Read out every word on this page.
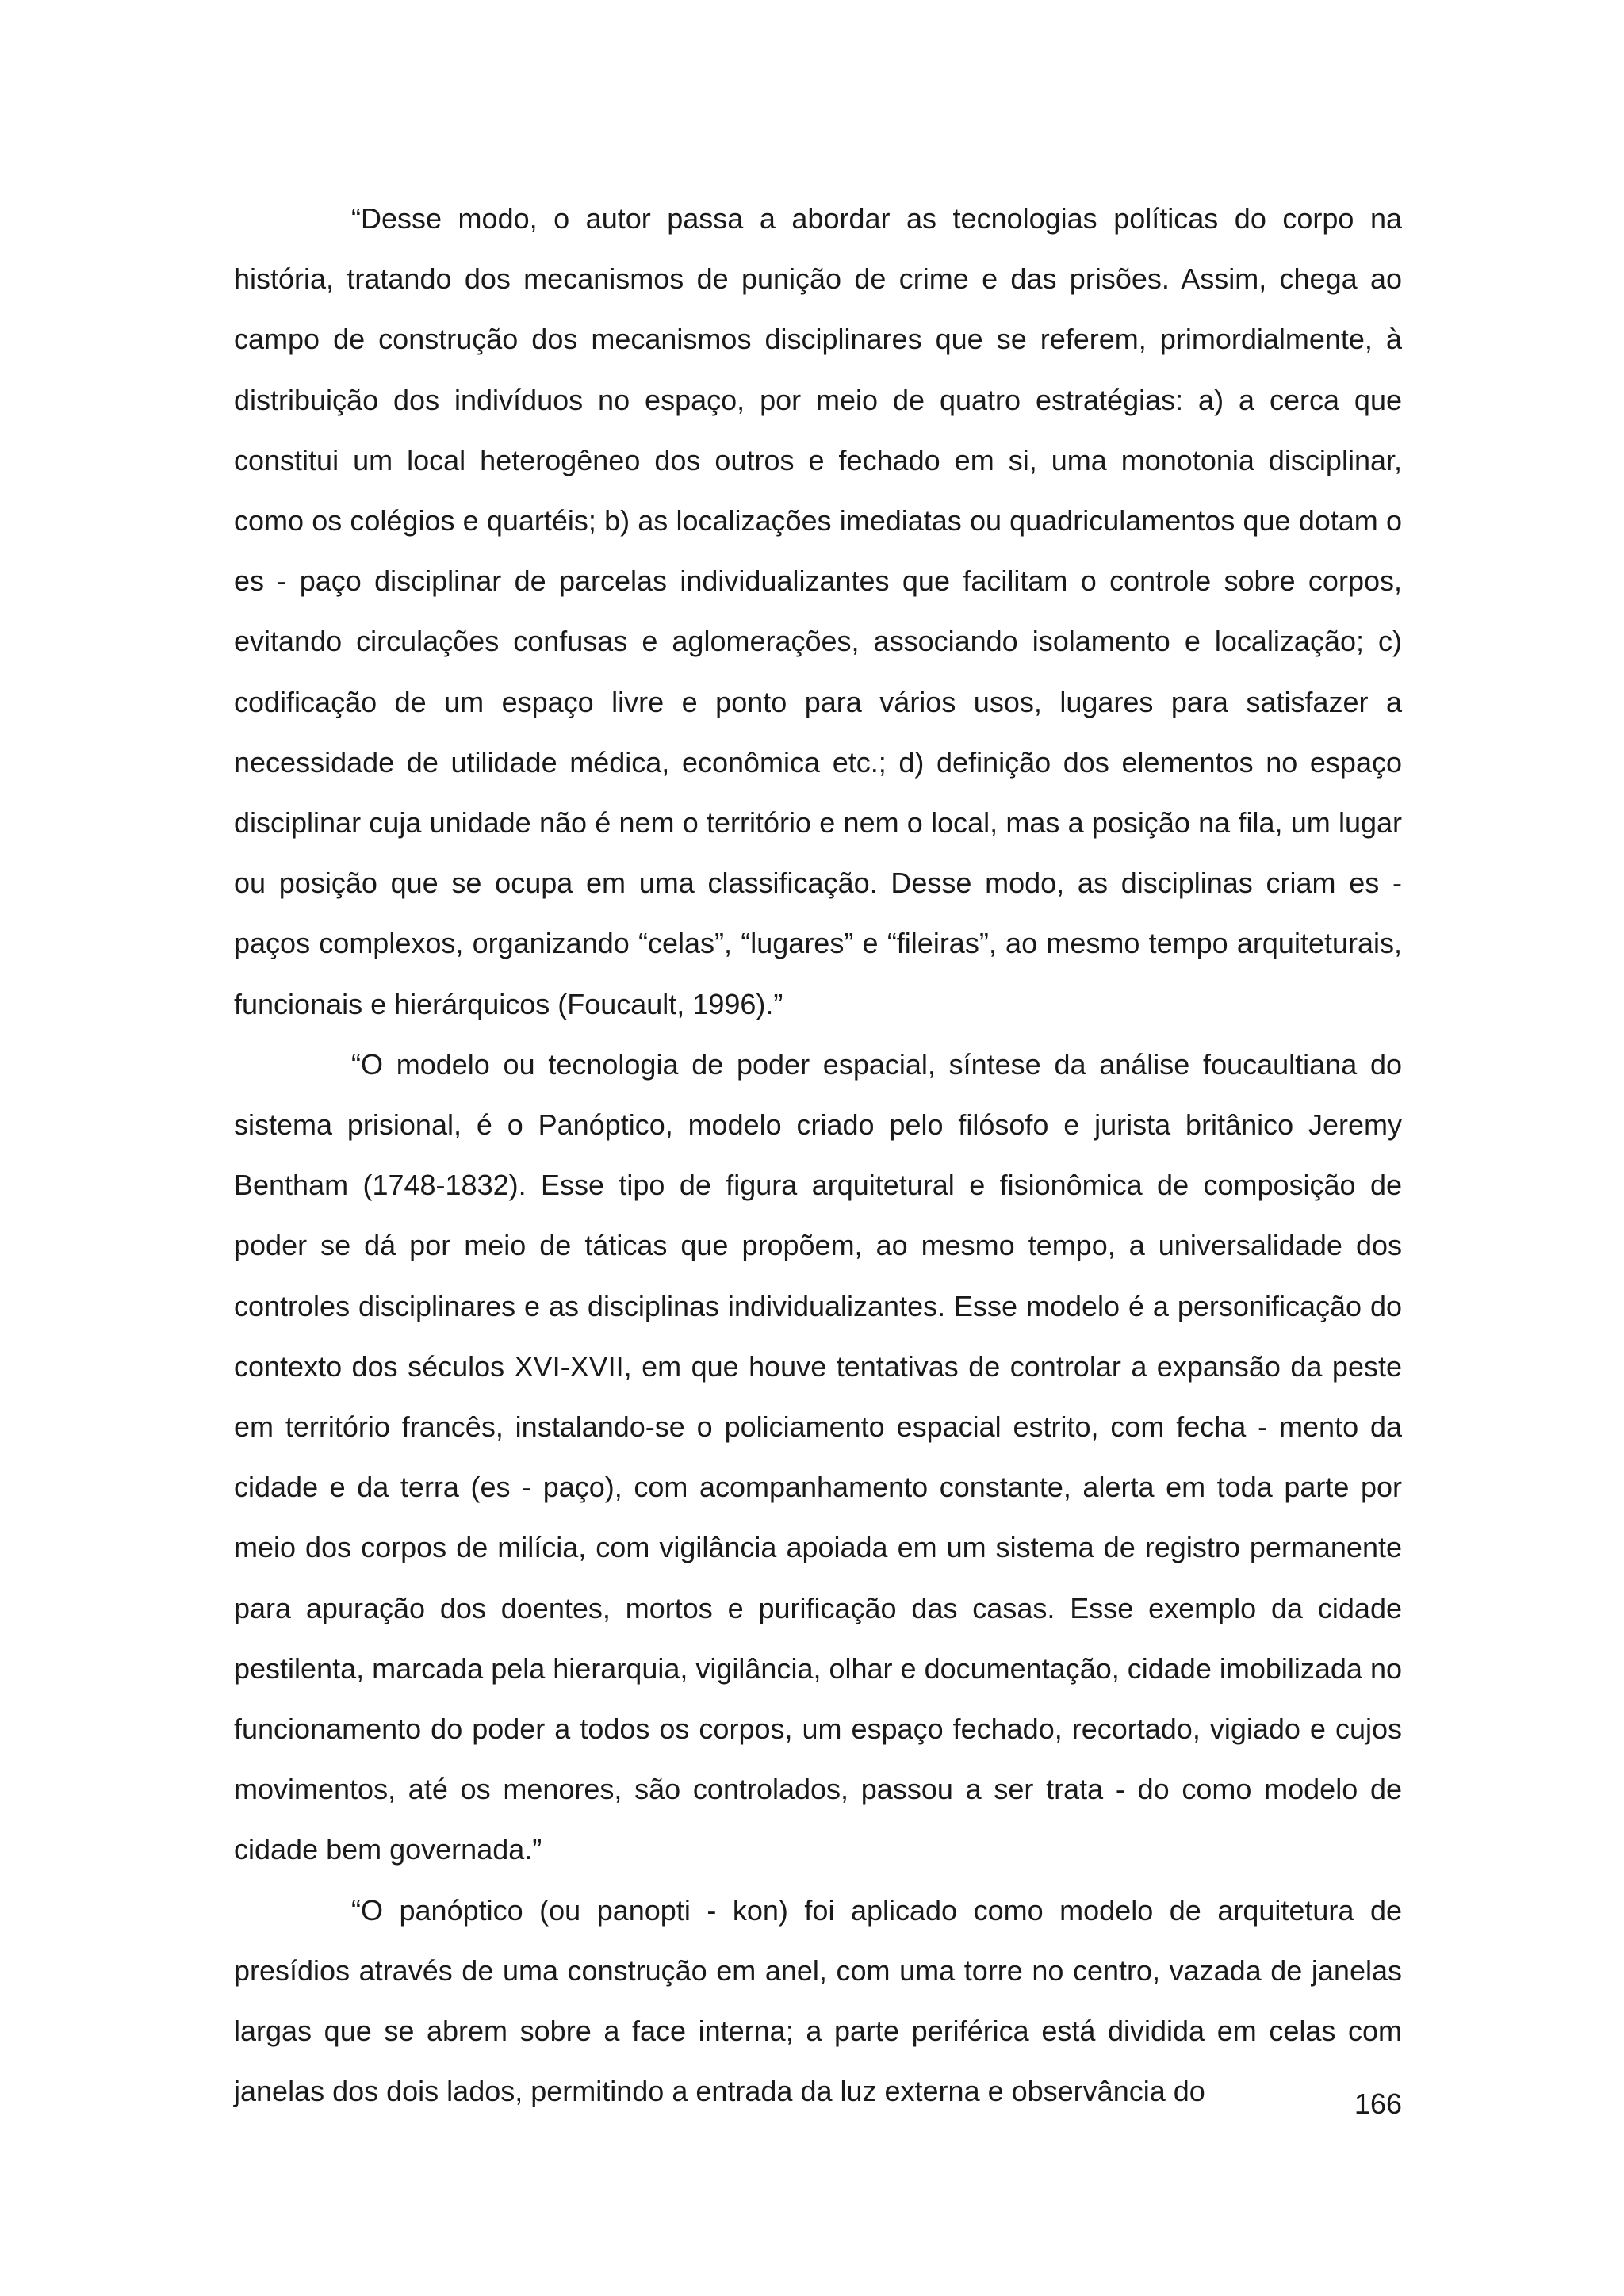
“Desse modo, o autor passa a abordar as tecnologias políticas do corpo na história, tratando dos mecanismos de punição de crime e das prisões. Assim, chega ao campo de construção dos mecanismos disciplinares que se referem, primordialmente, à distribuição dos indivíduos no espaço, por meio de quatro estratégias: a) a cerca que constitui um local heterogêneo dos outros e fechado em si, uma monotonia disciplinar, como os colégios e quartéis; b) as localizações imediatas ou quadriculamentos que dotam o es - paço disciplinar de parcelas individualizantes que facilitam o controle sobre corpos, evitando circulações confusas e aglomerações, associando isolamento e localização; c) codificação de um espaço livre e ponto para vários usos, lugares para satisfazer a necessidade de utilidade médica, econômica etc.; d) definição dos elementos no espaço disciplinar cuja unidade não é nem o território e nem o local, mas a posição na fila, um lugar ou posição que se ocupa em uma classificação. Desse modo, as disciplinas criam es - paços complexos, organizando “celas”, “lugares” e “fileiras”, ao mesmo tempo arquiteturais, funcionais e hierárquicos (Foucault, 1996).”

“O modelo ou tecnologia de poder espacial, síntese da análise foucaultiana do sistema prisional, é o Panóptico, modelo criado pelo filósofo e jurista britânico Jeremy Bentham (1748-1832). Esse tipo de figura arquitetural e fisionômica de composição de poder se dá por meio de táticas que propõem, ao mesmo tempo, a universalidade dos controles disciplinares e as disciplinas individualizantes. Esse modelo é a personificação do contexto dos séculos XVI-XVII, em que houve tentativas de controlar a expansão da peste em território francês, instalando-se o policiamento espacial estrito, com fecha - mento da cidade e da terra (es - paço), com acompanhamento constante, alerta em toda parte por meio dos corpos de milícia, com vigilância apoiada em um sistema de registro permanente para apuração dos doentes, mortos e purificação das casas. Esse exemplo da cidade pestilenta, marcada pela hierarquia, vigilância, olhar e documentação, cidade imobilizada no funcionamento do poder a todos os corpos, um espaço fechado, recortado, vigiado e cujos movimentos, até os menores, são controlados, passou a ser trata - do como modelo de cidade bem governada.”

“O panóptico (ou panopti - kon) foi aplicado como modelo de arquitetura de presídios através de uma construção em anel, com uma torre no centro, vazada de janelas largas que se abrem sobre a face interna; a parte periférica está dividida em celas com janelas dos dois lados, permitindo a entrada da luz externa e observância do	166
